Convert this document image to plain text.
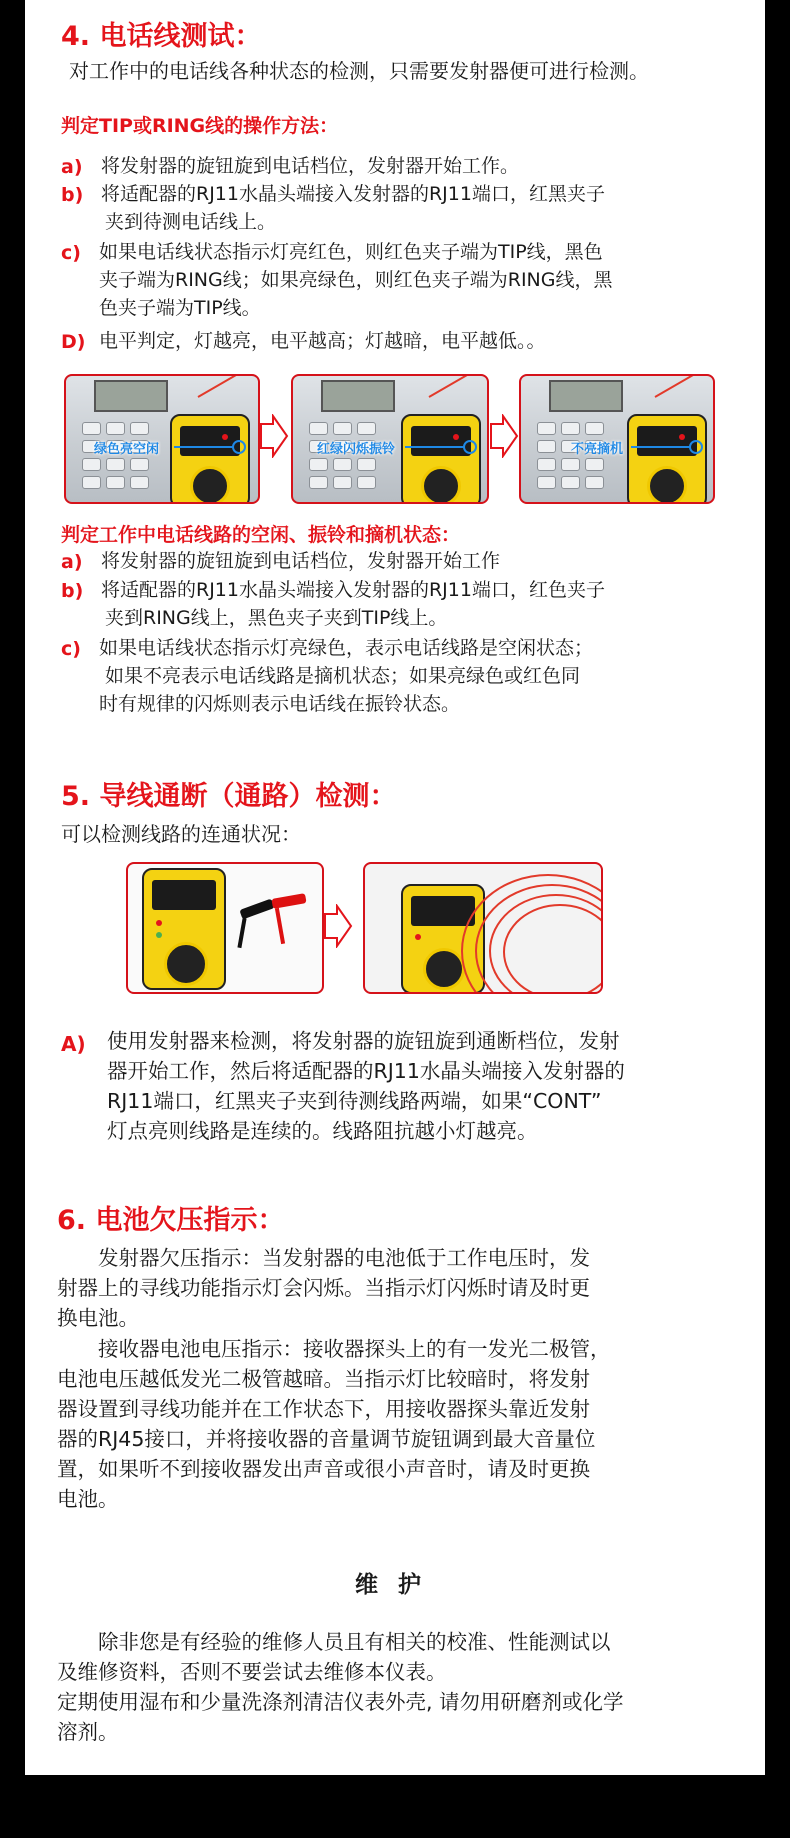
4. 电话线测试：
对工作中的电话线各种状态的检测，只需要发射器便可进行检测。
判定TIP或RING线的操作方法：
a) 将发射器的旋钮旋到电话档位，发射器开始工作。
b) 将适配器的RJ11水晶头端接入发射器的RJ11端口，红黑夹子
夹到待测电话线上。
c) 如果电话线状态指示灯亮红色，则红色夹子端为TIP线，黑色
夹子端为RING线；如果亮绿色，则红色夹子端为RING线，黑
色夹子端为TIP线。
D) 电平判定，灯越亮，电平越高；灯越暗，电平越低。。
绿色亮空闲	红绿闪烁振铃	不亮摘机
判定工作中电话线路的空闲、振铃和摘机状态：
a) 将发射器的旋钮旋到电话档位，发射器开始工作
b) 将适配器的RJ11水晶头端接入发射器的RJ11端口，红色夹子
夹到RING线上，黑色夹子夹到TIP线上。
c) 如果电话线状态指示灯亮绿色，表示电话线路是空闲状态；
如果不亮表示电话线路是摘机状态；如果亮绿色或红色同
时有规律的闪烁则表示电话线在振铃状态。
5. 导线通断（通路）检测：
可以检测线路的连通状况：
A) 使用发射器来检测，将发射器的旋钮旋到通断档位，发射
器开始工作，然后将适配器的RJ11水晶头端接入发射器的
RJ11端口，红黑夹子夹到待测线路两端，如果“CONT”
灯点亮则线路是连续的。线路阻抗越小灯越亮。
6. 电池欠压指示：
　　发射器欠压指示：当发射器的电池低于工作电压时，发
射器上的寻线功能指示灯会闪烁。当指示灯闪烁时请及时更
换电池。
　　接收器电池电压指示：接收器探头上的有一发光二极管，
电池电压越低发光二极管越暗。当指示灯比较暗时，将发射
器设置到寻线功能并在工作状态下，用接收器探头靠近发射
器的RJ45接口，并将接收器的音量调节旋钮调到最大音量位
置，如果听不到接收器发出声音或很小声音时，请及时更换
电池。
维 护
　　除非您是有经验的维修人员且有相关的校准、性能测试以
及维修资料，否则不要尝试去维修本仪表。
定期使用湿布和少量洗涤剂清洁仪表外壳, 请勿用研磨剂或化学
溶剂。
